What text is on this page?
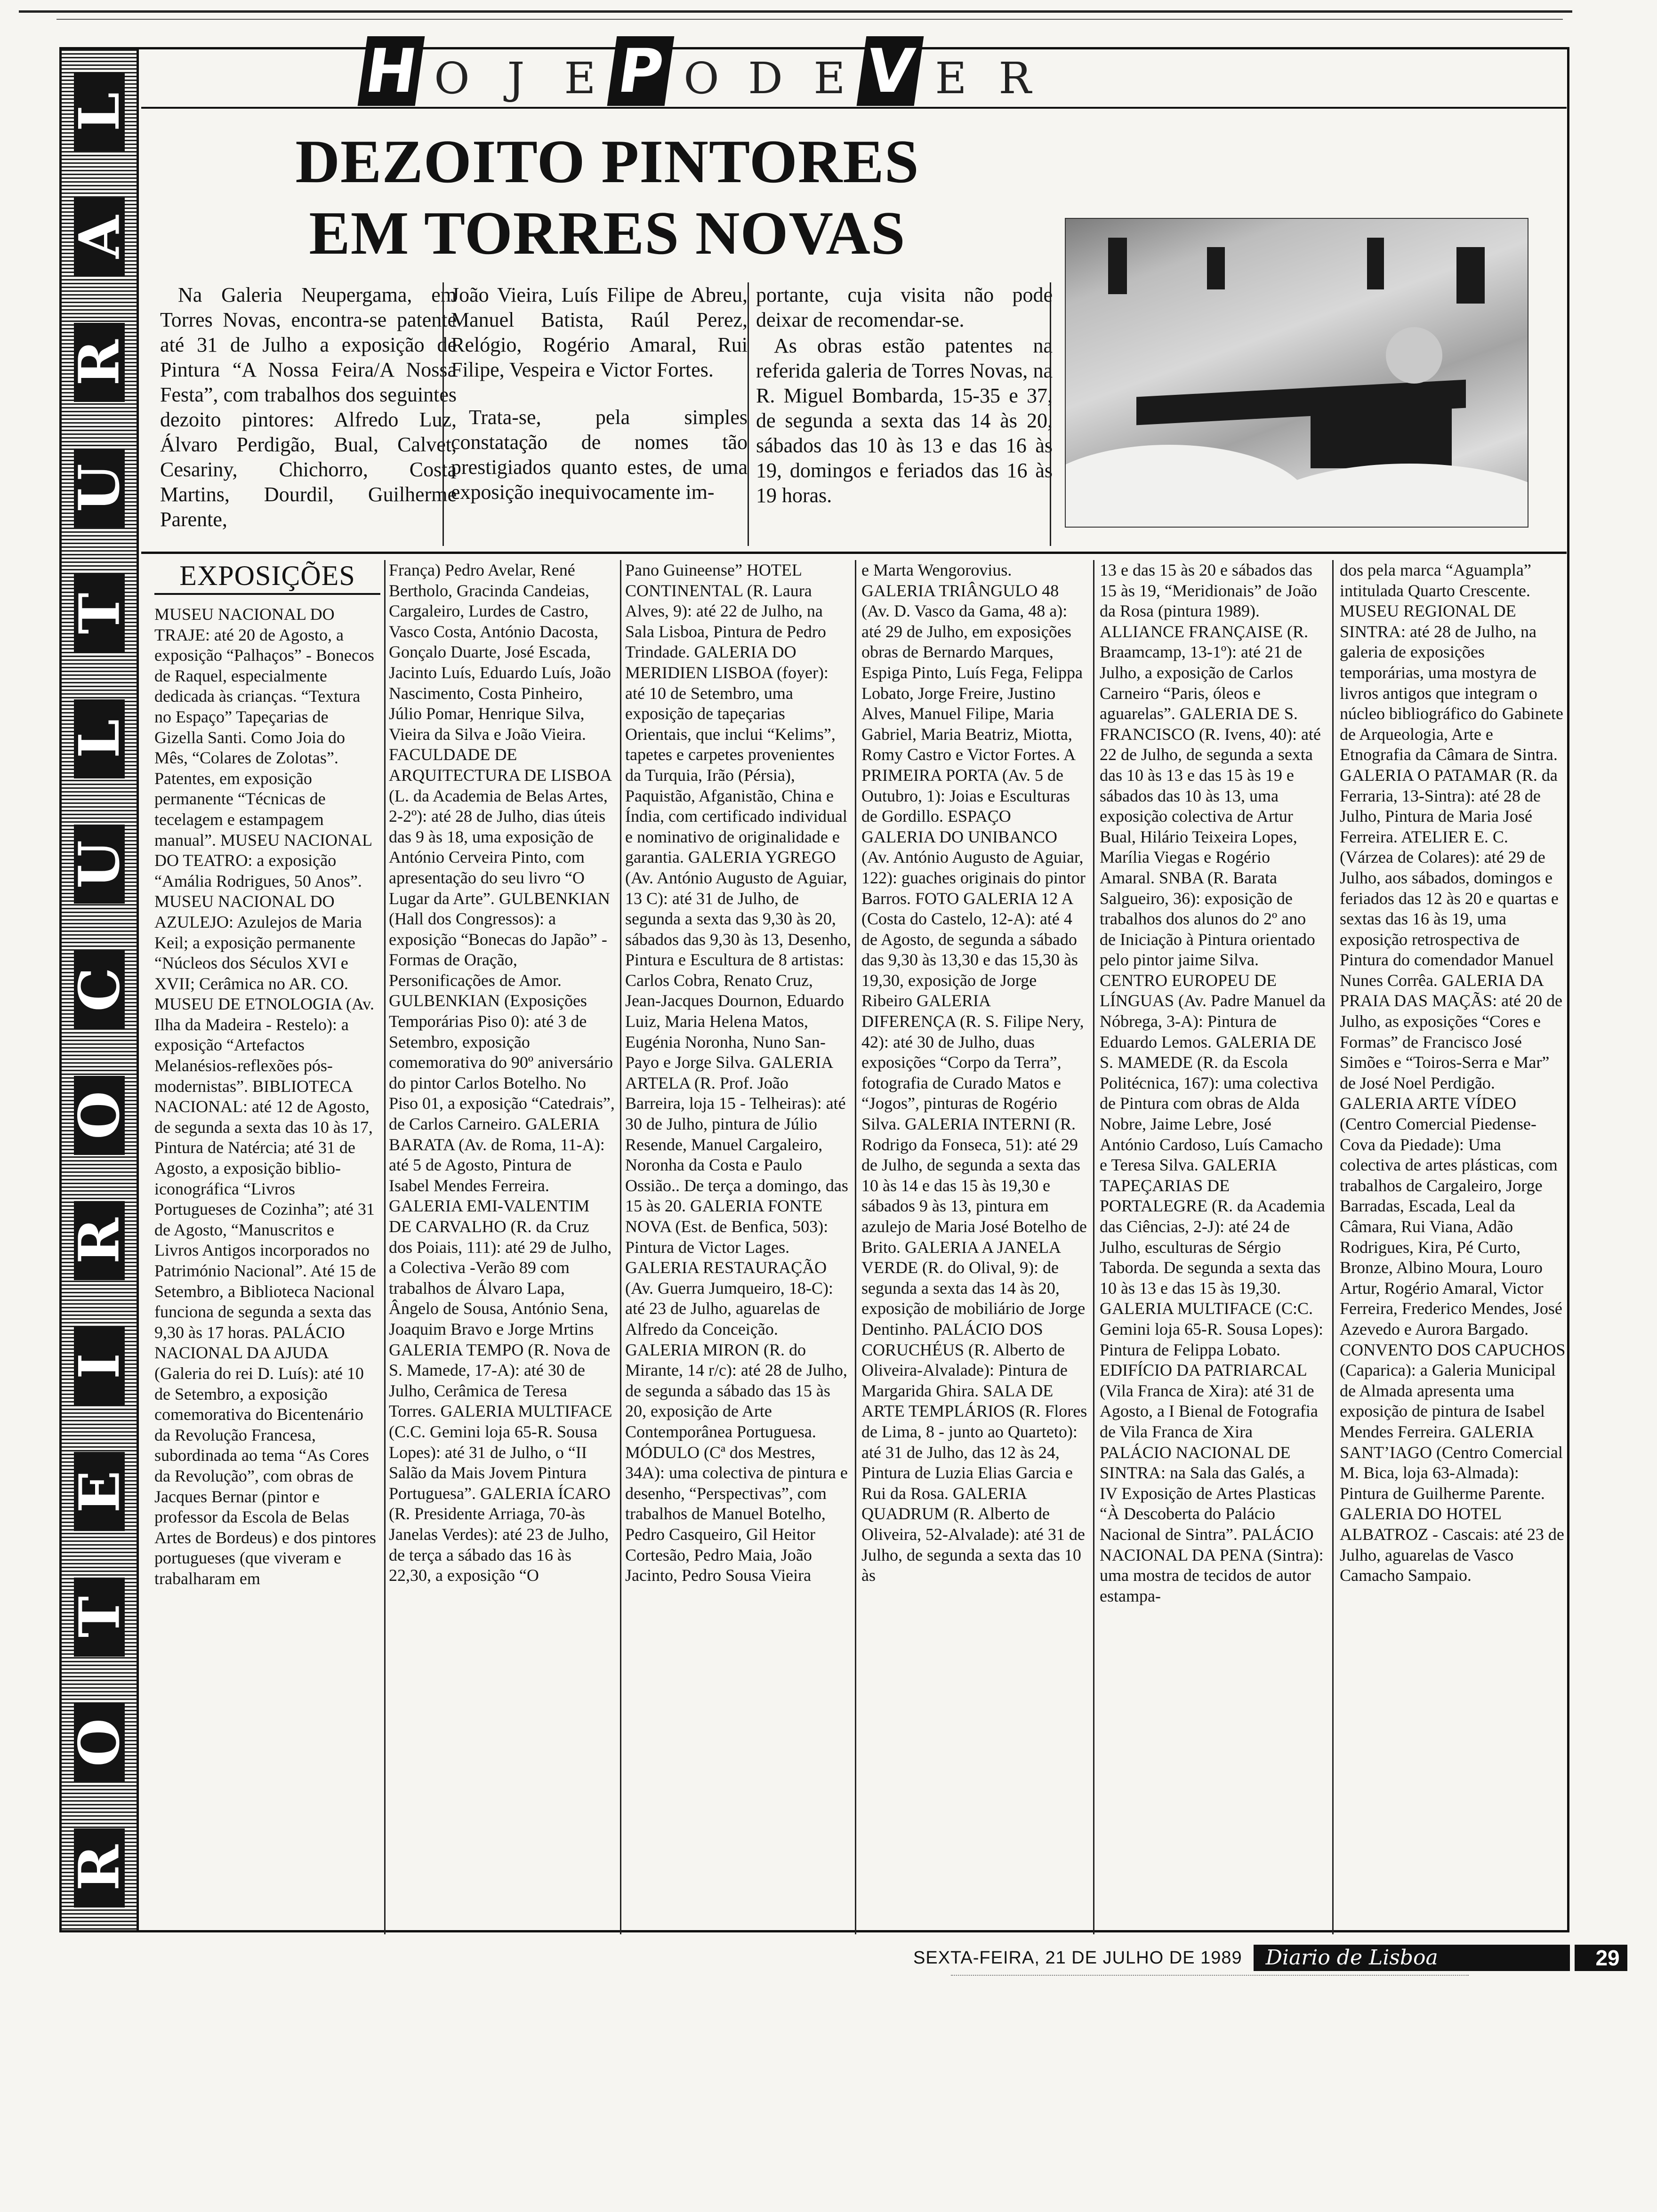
L
A
R
U
T
L
U
C
O
R
I
E
T
O
R
H O J E P O D E V E R
DEZOITO PINTORES
EM TORRES NOVAS

Na Galeria Neupergama, em Torres Novas, encontra-se patente até 31 de Julho a exposição de Pintura “A Nossa Feira/A Nossa Festa”, com trabalhos dos seguintes dezoito pintores: Alfredo Luz, Álvaro Perdigão, Bual, Calvet, Cesariny, Chichorro, Costa Martins, Dourdil, Guilherme Parente,

João Vieira, Luís Filipe de Abreu, Manuel Batista, Raúl Perez, Relógio, Rogério Amaral, Rui Filipe, Vespeira e Victor Fortes.

Trata-se, pela simples constatação de nomes tão prestigiados quanto estes, de uma exposição inequivocamente im-

portante, cuja visita não pode deixar de recomendar-se.

As obras estão patentes na referida galeria de Torres Novas, na R. Miguel Bombarda, 15-35 e 37, de segunda a sexta das 14 às 20, sábados das 10 às 13 e das 16 às 19, domingos e feriados das 16 às 19 horas.

EXPOSIÇÕES
MUSEU NACIONAL DO TRAJE: até 20 de Agosto, a exposição “Palhaços” - Bonecos de Raquel, especialmente dedicada às crianças. “Textura no Espaço” Tapeçarias de Gizella Santi. Como Joia do Mês, “Colares de Zolotas”. Patentes, em exposição permanente “Técnicas de tecelagem e estampagem manual”. MUSEU NACIONAL DO TEATRO: a exposição “Amália Rodrigues, 50 Anos”. MUSEU NACIONAL DO AZULEJO: Azulejos de Maria Keil; a exposição permanente “Núcleos dos Séculos XVI e XVII; Cerâmica no AR. CO. MUSEU DE ETNOLOGIA (Av. Ilha da Madeira - Restelo): a exposição “Artefactos Melanésios-reflexões pós-modernistas”. BIBLIOTECA NACIONAL: até 12 de Agosto, de segunda a sexta das 10 às 17, Pintura de Natércia; até 31 de Agosto, a exposição biblio-iconográfica “Livros Portugueses de Cozinha”; até 31 de Agosto, “Manuscritos e Livros Antigos incorporados no Património Nacional”. Até 15 de Setembro, a Biblioteca Nacional funciona de segunda a sexta das 9,30 às 17 horas. PALÁCIO NACIONAL DA AJUDA (Galeria do rei D. Luís): até 10 de Setembro, a exposição comemorativa do Bicentenário da Revolução Francesa, subordinada ao tema “As Cores da Revolução”, com obras de Jacques Bernar (pintor e professor da Escola de Belas Artes de Bordeus) e dos pintores portugueses (que viveram e trabalharam em
França) Pedro Avelar, René Bertholo, Gracinda Candeias, Cargaleiro, Lurdes de Castro, Vasco Costa, António Dacosta, Gonçalo Duarte, José Escada, Jacinto Luís, Eduardo Luís, João Nascimento, Costa Pinheiro, Júlio Pomar, Henrique Silva, Vieira da Silva e João Vieira. FACULDADE DE ARQUITECTURA DE LISBOA (L. da Academia de Belas Artes, 2-2º): até 28 de Julho, dias úteis das 9 às 18, uma exposição de António Cerveira Pinto, com apresentação do seu livro “O Lugar da Arte”. GULBENKIAN (Hall dos Congressos): a exposição “Bonecas do Japão” - Formas de Oração, Personificações de Amor. GULBENKIAN (Exposições Temporárias Piso 0): até 3 de Setembro, exposição comemorativa do 90º aniversário do pintor Carlos Botelho. No Piso 01, a exposição “Catedrais”, de Carlos Carneiro. GALERIA BARATA (Av. de Roma, 11-A): até 5 de Agosto, Pintura de Isabel Mendes Ferreira. GALERIA EMI-VALENTIM DE CARVALHO (R. da Cruz dos Poiais, 111): até 29 de Julho, a Colectiva -Verão 89 com trabalhos de Álvaro Lapa, Ângelo de Sousa, António Sena, Joaquim Bravo e Jorge Mrtins GALERIA TEMPO (R. Nova de S. Mamede, 17-A): até 30 de Julho, Cerâmica de Teresa Torres. GALERIA MULTIFACE (C.C. Gemini loja 65-R. Sousa Lopes): até 31 de Julho, o “II Salão da Mais Jovem Pintura Portuguesa”. GALERIA ÍCARO (R. Presidente Arriaga, 70-às Janelas Verdes): até 23 de Julho, de terça a sábado das 16 às 22,30, a exposição “O
Pano Guineense” HOTEL CONTINENTAL (R. Laura Alves, 9): até 22 de Julho, na Sala Lisboa, Pintura de Pedro Trindade. GALERIA DO MERIDIEN LISBOA (foyer): até 10 de Setembro, uma exposição de tapeçarias Orientais, que inclui “Kelims”, tapetes e carpetes provenientes da Turquia, Irão (Pérsia), Paquistão, Afganistão, China e Índia, com certificado individual e nominativo de originalidade e garantia. GALERIA YGREGO (Av. António Augusto de Aguiar, 13 C): até 31 de Julho, de segunda a sexta das 9,30 às 20, sábados das 9,30 às 13, Desenho, Pintura e Escultura de 8 artistas: Carlos Cobra, Renato Cruz, Jean-Jacques Dournon, Eduardo Luiz, Maria Helena Matos, Eugénia Noronha, Nuno San-Payo e Jorge Silva. GALERIA ARTELA (R. Prof. João Barreira, loja 15 - Telheiras): até 30 de Julho, pintura de Júlio Resende, Manuel Cargaleiro, Noronha da Costa e Paulo Ossião.. De terça a domingo, das 15 às 20. GALERIA FONTE NOVA (Est. de Benfica, 503): Pintura de Victor Lages. GALERIA RESTAURAÇÃO (Av. Guerra Jumqueiro, 18-C): até 23 de Julho, aguarelas de Alfredo da Conceição. GALERIA MIRON (R. do Mirante, 14 r/c): até 28 de Julho, de segunda a sábado das 15 às 20, exposição de Arte Contemporânea Portuguesa. MÓDULO (Cª dos Mestres, 34A): uma colectiva de pintura e desenho, “Perspectivas”, com trabalhos de Manuel Botelho, Pedro Casqueiro, Gil Heitor Cortesão, Pedro Maia, João Jacinto, Pedro Sousa Vieira
e Marta Wengorovius. GALERIA TRIÂNGULO 48 (Av. D. Vasco da Gama, 48 a): até 29 de Julho, em exposições obras de Bernardo Marques, Espiga Pinto, Luís Fega, Felippa Lobato, Jorge Freire, Justino Alves, Manuel Filipe, Maria Gabriel, Maria Beatriz, Miotta, Romy Castro e Victor Fortes. A PRIMEIRA PORTA (Av. 5 de Outubro, 1): Joias e Esculturas de Gordillo. ESPAÇO GALERIA DO UNIBANCO (Av. António Augusto de Aguiar, 122): guaches originais do pintor Barros. FOTO GALERIA 12 A (Costa do Castelo, 12-A): até 4 de Agosto, de segunda a sábado das 9,30 às 13,30 e das 15,30 às 19,30, exposição de Jorge Ribeiro GALERIA DIFERENÇA (R. S. Filipe Nery, 42): até 30 de Julho, duas exposições “Corpo da Terra”, fotografia de Curado Matos e “Jogos”, pinturas de Rogério Silva. GALERIA INTERNI (R. Rodrigo da Fonseca, 51): até 29 de Julho, de segunda a sexta das 10 às 14 e das 15 às 19,30 e sábados 9 às 13, pintura em azulejo de Maria José Botelho de Brito. GALERIA A JANELA VERDE (R. do Olival, 9): de segunda a sexta das 14 às 20, exposição de mobiliário de Jorge Dentinho. PALÁCIO DOS CORUCHÉUS (R. Alberto de Oliveira-Alvalade): Pintura de Margarida Ghira. SALA DE ARTE TEMPLÁRIOS (R. Flores de Lima, 8 - junto ao Quarteto): até 31 de Julho, das 12 às 24, Pintura de Luzia Elias Garcia e Rui da Rosa. GALERIA QUADRUM (R. Alberto de Oliveira, 52-Alvalade): até 31 de Julho, de segunda a sexta das 10 às
13 e das 15 às 20 e sábados das 15 às 19, “Meridionais” de João da Rosa (pintura 1989). ALLIANCE FRANÇAISE (R. Braamcamp, 13-1º): até 21 de Julho, a exposição de Carlos Carneiro “Paris, óleos e aguarelas”. GALERIA DE S. FRANCISCO (R. Ivens, 40): até 22 de Julho, de segunda a sexta das 10 às 13 e das 15 às 19 e sábados das 10 às 13, uma exposição colectiva de Artur Bual, Hilário Teixeira Lopes, Marília Viegas e Rogério Amaral. SNBA (R. Barata Salgueiro, 36): exposição de trabalhos dos alunos do 2º ano de Iniciação à Pintura orientado pelo pintor jaime Silva. CENTRO EUROPEU DE LÍNGUAS (Av. Padre Manuel da Nóbrega, 3-A): Pintura de Eduardo Lemos. GALERIA DE S. MAMEDE (R. da Escola Politécnica, 167): uma colectiva de Pintura com obras de Alda Nobre, Jaime Lebre, José António Cardoso, Luís Camacho e Teresa Silva. GALERIA TAPEÇARIAS DE PORTALEGRE (R. da Academia das Ciências, 2-J): até 24 de Julho, esculturas de Sérgio Taborda. De segunda a sexta das 10 às 13 e das 15 às 19,30. GALERIA MULTIFACE (C:C. Gemini loja 65-R. Sousa Lopes): Pintura de Felippa Lobato. EDIFÍCIO DA PATRIARCAL (Vila Franca de Xira): até 31 de Agosto, a I Bienal de Fotografia de Vila Franca de Xira PALÁCIO NACIONAL DE SINTRA: na Sala das Galés, a IV Exposição de Artes Plasticas “À Descoberta do Palácio Nacional de Sintra”. PALÁCIO NACIONAL DA PENA (Sintra): uma mostra de tecidos de autor estampa-
dos pela marca “Aguampla” intitulada Quarto Crescente. MUSEU REGIONAL DE SINTRA: até 28 de Julho, na galeria de exposições temporárias, uma mostyra de livros antigos que integram o núcleo bibliográfico do Gabinete de Arqueologia, Arte e Etnografia da Câmara de Sintra. GALERIA O PATAMAR (R. da Ferraria, 13-Sintra): até 28 de Julho, Pintura de Maria José Ferreira. ATELIER E. C. (Várzea de Colares): até 29 de Julho, aos sábados, domingos e feriados das 12 às 20 e quartas e sextas das 16 às 19, uma exposição retrospectiva de Pintura do comendador Manuel Nunes Corrêa. GALERIA DA PRAIA DAS MAÇÃS: até 20 de Julho, as exposições “Cores e Formas” de Francisco José Simões e “Toiros-Serra e Mar” de José Noel Perdigão. GALERIA ARTE VÍDEO (Centro Comercial Piedense-Cova da Piedade): Uma colectiva de artes plásticas, com trabalhos de Cargaleiro, Jorge Barradas, Escada, Leal da Câmara, Rui Viana, Adão Rodrigues, Kira, Pé Curto, Bronze, Albino Moura, Louro Artur, Rogério Amaral, Victor Ferreira, Frederico Mendes, José Azevedo e Aurora Bargado. CONVENTO DOS CAPUCHOS (Caparica): a Galeria Municipal de Almada apresenta uma exposição de pintura de Isabel Mendes Ferreira. GALERIA SANT’IAGO (Centro Comercial M. Bica, loja 63-Almada): Pintura de Guilherme Parente. GALERIA DO HOTEL ALBATROZ - Cascais: até 23 de Julho, aguarelas de Vasco Camacho Sampaio.
SEXTA-FEIRA, 21 DE JULHO DE 1989	Diario de Lisboa	29
